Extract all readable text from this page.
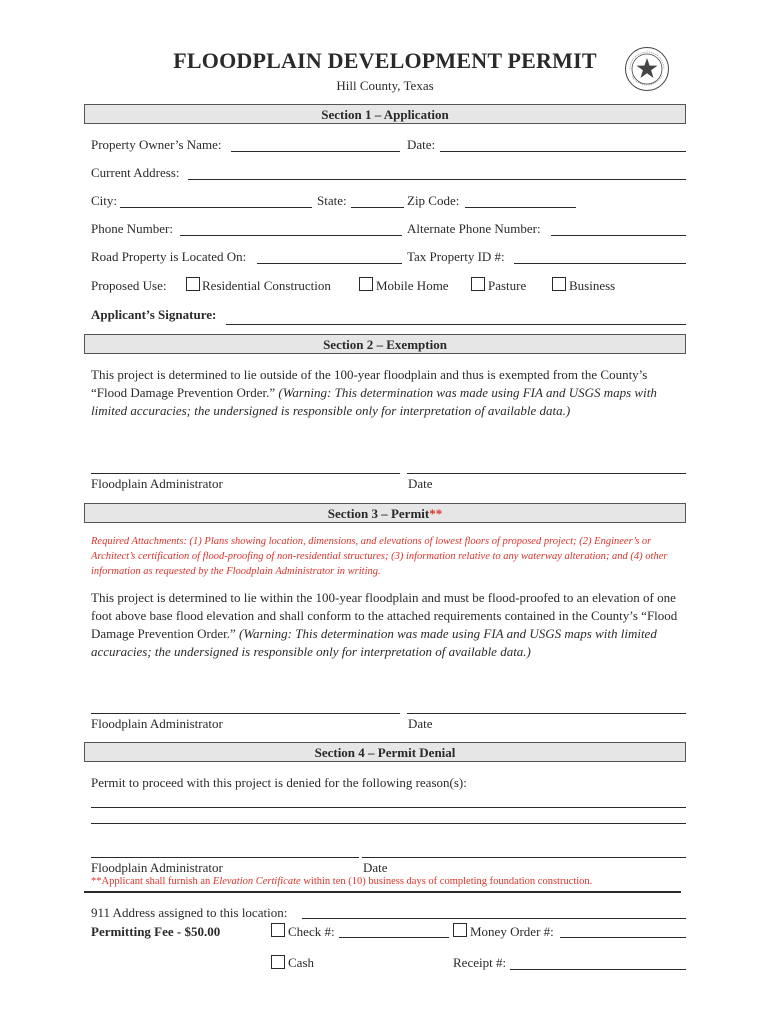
FLOODPLAIN DEVELOPMENT PERMIT
Hill County, Texas
Section 1 – Application
Property Owner’s Name:	Date:
Current Address:
City:	State:	Zip Code:
Phone Number:	Alternate Phone Number:
Road Property is Located On:	Tax Property ID #:
Proposed Use:	Residential Construction	Mobile Home	Pasture	Business
Applicant’s Signature:
Section 2 – Exemption
This project is determined to lie outside of the 100-year floodplain and thus is exempted from the County’s “Flood Damage Prevention Order.” (Warning: This determination was made using FIA and USGS maps with limited accuracies; the undersigned is responsible only for interpretation of available data.)
Floodplain Administrator	Date
Section 3 – Permit**
Required Attachments: (1) Plans showing location, dimensions, and elevations of lowest floors of proposed project; (2) Engineer’s or Architect’s certification of flood-proofing of non-residential structures; (3) information relative to any waterway alteration; and (4) other information as requested by the Floodplain Administrator in writing.
This project is determined to lie within the 100-year floodplain and must be flood-proofed to an elevation of one foot above base flood elevation and shall conform to the attached requirements contained in the County’s “Flood Damage Prevention Order.” (Warning: This determination was made using FIA and USGS maps with limited accuracies; the undersigned is responsible only for interpretation of available data.)
Floodplain Administrator	Date
Section 4 – Permit Denial
Permit to proceed with this project is denied for the following reason(s):
Floodplain Administrator	Date
**Applicant shall furnish an Elevation Certificate within ten (10) business days of completing foundation construction.
911 Address assigned to this location:
Permitting Fee - $50.00	Check #:	Money Order #:
Cash	Receipt #:
